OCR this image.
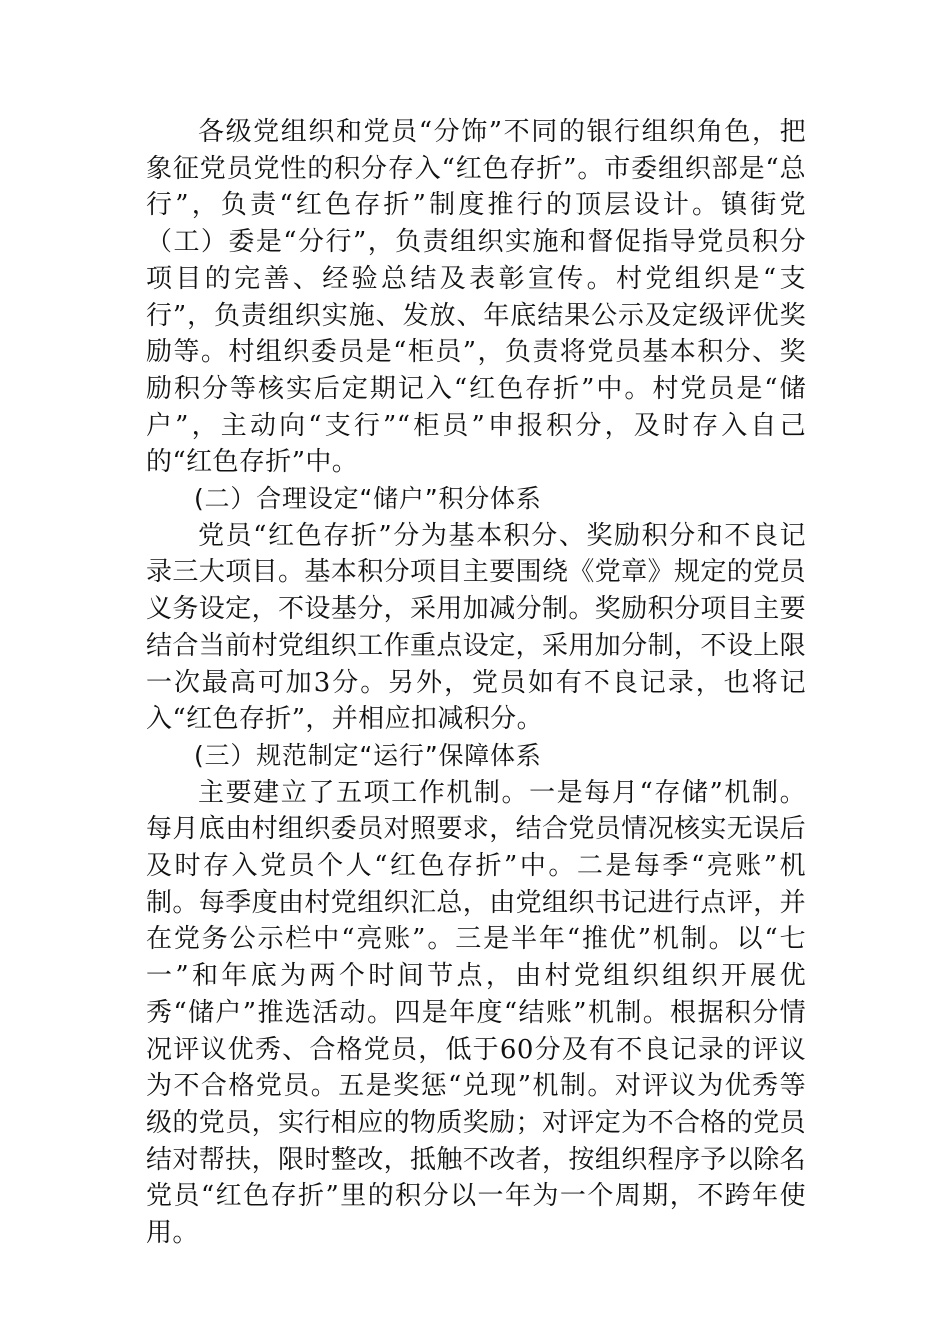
各级党组织和党员“分饰”不同的银行组织角色，把象征党员党性的积分存入“红色存折”。市委组织部是“总行”，负责“红色存折”制度推行的顶层设计。镇街党（工）委是“分行”，负责组织实施和督促指导党员积分项目的完善、经验总结及表彰宣传。村党组织是“支行”，负责组织实施、发放、年底结果公示及定级评优奖励等。村组织委员是“柜员”，负责将党员基本积分、奖励积分等核实后定期记入“红色存折”中。村党员是“储户”，主动向“支行”“柜员”申报积分，及时存入自己的“红色存折”中。

(二）合理设定“储户”积分体系

党员“红色存折”分为基本积分、奖励积分和不良记录三大项目。基本积分项目主要围绕《党章》规定的党员义务设定，不设基分，采用加减分制。奖励积分项目主要结合当前村党组织工作重点设定，采用加分制，不设上限一次最高可加3分。另外，党员如有不良记录，也将记入“红色存折”，并相应扣减积分。

(三）规范制定“运行”保障体系

主要建立了五项工作机制。一是每月“存储”机制。每月底由村组织委员对照要求，结合党员情况核实无误后及时存入党员个人“红色存折”中。二是每季“亮账”机制。每季度由村党组织汇总，由党组织书记进行点评，并在党务公示栏中“亮账”。三是半年“推优”机制。以“七一”和年底为两个时间节点，由村党组织组织开展优秀“储户”推选活动。四是年度“结账”机制。根据积分情况评议优秀、合格党员，低于60分及有不良记录的评议为不合格党员。五是奖惩“兑现”机制。对评议为优秀等级的党员，实行相应的物质奖励；对评定为不合格的党员结对帮扶，限时整改，抵触不改者，按组织程序予以除名党员“红色存折”里的积分以一年为一个周期，不跨年使用。
